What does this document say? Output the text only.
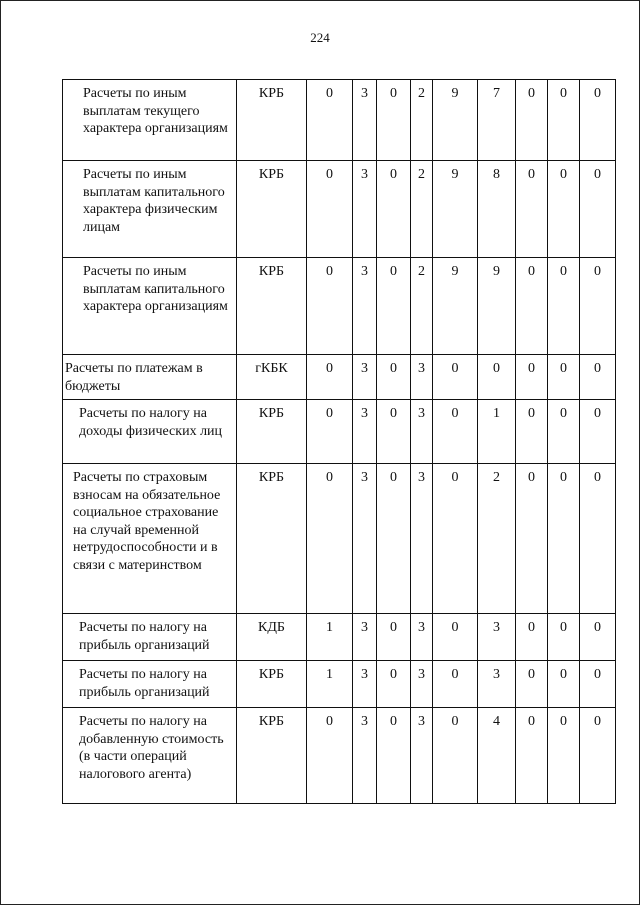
224
Расчеты по иным выплатам текущего характера организациям	КРБ	0	3	0	2	9	7	0	0	0
Расчеты по иным выплатам капитального характера физическим лицам	КРБ	0	3	0	2	9	8	0	0	0
Расчеты по иным выплатам капитального характера организациям	КРБ	0	3	0	2	9	9	0	0	0
Расчеты по платежам в бюджеты	гКБК	0	3	0	3	0	0	0	0	0
Расчеты по налогу на доходы физических лиц	КРБ	0	3	0	3	0	1	0	0	0
Расчеты по страховым взносам на обязательное социальное страхование на случай временной нетрудоспособности и в связи с материнством	КРБ	0	3	0	3	0	2	0	0	0
Расчеты по налогу на прибыль организаций	КДБ	1	3	0	3	0	3	0	0	0
Расчеты по налогу на прибыль организаций	КРБ	1	3	0	3	0	3	0	0	0
Расчеты по налогу на добавленную стоимость (в части операций налогового агента)	КРБ	0	3	0	3	0	4	0	0	0
